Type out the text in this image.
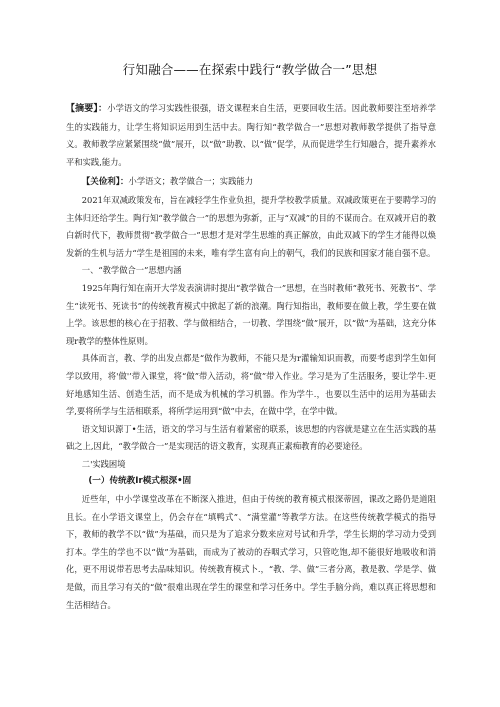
行知融合——在探索中践行“教学做合一”思想

【摘要】：小学语文的学习实践性很强，语文课程来自生活，更要回收生活。因此教师要注至培养学生的实践能力，让学生将知识运用到生活中去。陶行知“教学做合一”思想对教师教学提供了指导意义。教师教学应紧紧围绕“做”展开，以“做”助教、以“做”促学，从而促进学生行知融合，提升素养水平和实践,能力。

【关俭利】：小学语文；教学做合一；实践能力

2021年双减政策发布，旨在减轻学生作业负担，提升学校教学质量。双减政策更在于要聘学习的主体归还给学生。陶行知“教学做合一”的思想为弥新，正与“双减”的目的不谋而合。在双减开启的教白新时代下，教师贯彻“教学做合一”思想才是对学生思维的真正解放，由此双减下的学生才能得以焕发新的生机与活力“学生是祖国的未来，唯有学生富有向上的朝气，我们的民族和国家才能自强不息。

一、“教学做合一”思想内涵

1925年陶行知在南开大学发表演讲时提出“教学做合一”思想，在当时教师“教死书、死教书”、学生“读死书、死读书”的传统教育模式中掀起了新的浪潮。陶行知指出，教师要在做上教，学生要在做上学。该思想的核心在于招教、学与做相结合，一切教、学围绕“做”展开，以“做”为基础，这充分体现r教学的整体性原则。

具体而言，教、学的出发点都是“做作为教师，不能只是为r灌输知识而教，而要考虑到学生如何学以致用，将'做'’带入课堂，将“做”带入活动，将“做”带入作业。学习是为了生活服务，要让学牛.更好地感知生活、创造生活，而不是成为机械的学习机器。作为学牛.，也要以生活中的运用为基础去学,要将所学与生活相联系，将所学运用到“做”中去，在做中学，在学中做。

语文知识源丁•生活，语文的学习与生活有着紧密的联系，该思想的内容就是建立在生活实践的基础之上,因此，“教学做合一”是实现活的语文教育，实现真正素痴教育的必要途径。

二'实践困境

(一）传统教Ir模式根深•固

近些年，中小学课堂改革在不断深入推进，但由于传统的教育模式根深蒂固，课改之路仍是道阻且长。在小学语文课堂上，仍会存在“填鸭式”、“满堂灌”等教学方法。在这些传统教学模式的指导下，教师的教学不以“做”为基础，而只是为了追求分数来应对号试和升学，学生长期的学习动力受到打本。学生的学也不以“做”为基础，而成为了被动的吞咽式学习，只管吃饱,却不能很好地吸收和消化，更不用说带若思考去品味知识。传统教育模式卜.，“教、学、做”三者分离，教是教、学是学、做是做，而且学习有关的“做”很难出现在学生的课堂和学习任务中。学生手脑分尚，难以真正将思想和生活相结合。
